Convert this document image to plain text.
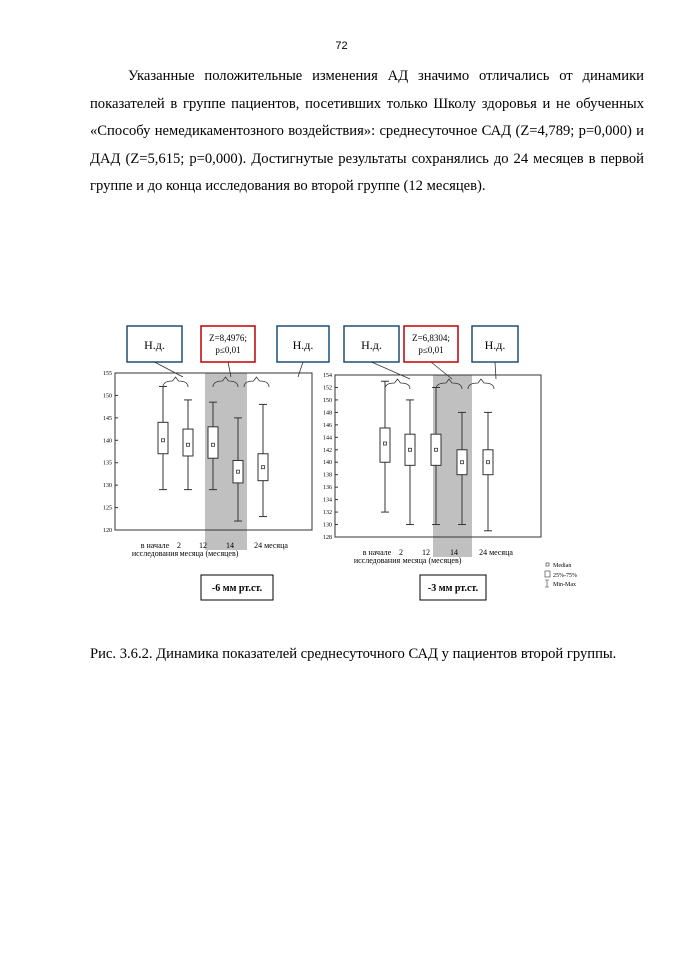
72

Указанные положительные изменения АД значимо отличались от динамики показателей в группе пациентов, посетивших только Школу здоровья и не обученных «Способу немедикаментозного воздействия»: среднесуточное САД (Z=4,789; p=0,000) и ДАД (Z=5,615; p=0,000). Достигнутые результаты сохранялись до 24 месяцев в первой группе и до конца исследования во второй группе (12 месяцев).

Рис. 3.6.2. Динамика показателей среднесуточного САД у пациентов второй группы.

120
125
130
135
140
145
150
155
в начале
исследования
2 12 14	24 месяца
месяца (месяцев)
Н.д.	Z=8,4976;
p≤0,01	Н.д.
-6 мм рт.ст.
128
130
132
134
136
138
140
142
144
146
148
150
152
154
в начале
исследования
2 12	14	24 месяца
месяца (месяцев)
Н.д.	Z=6,8304;
p≤0,01	Н.д.
-3 мм рт.ст.
Median
25%-75%
Min-Max
